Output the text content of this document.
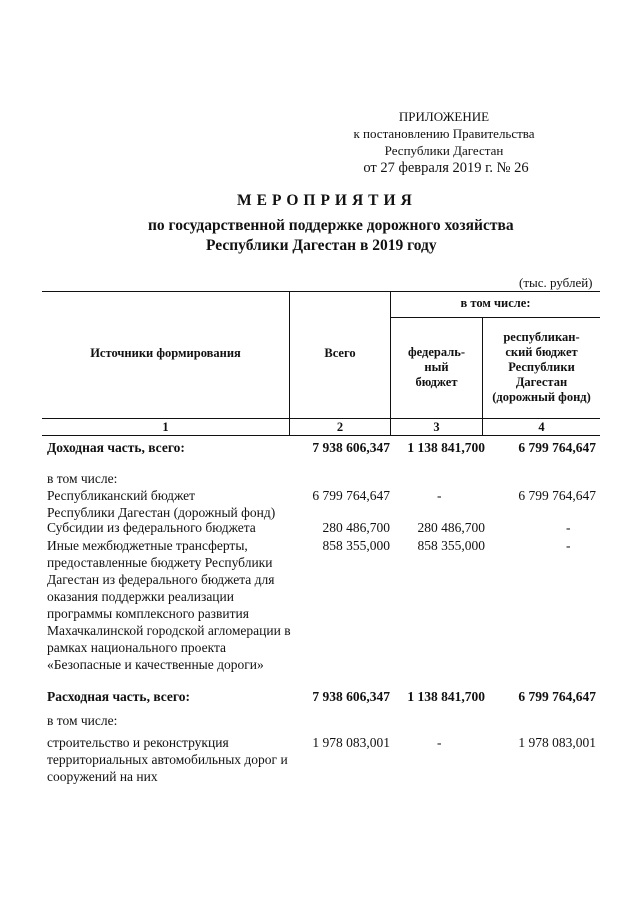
ПРИЛОЖЕНИЕ
к постановлению Правительства
Республики Дагестан
от 27 февраля 2019 г. № 26
МЕРОПРИЯТИЯ
по государственной поддержке дорожного хозяйства
Республики Дагестан в 2019 году
(тыс. рублей)
Источники формирования	Всего
в том числе:
федераль-
ный
бюджет
республикан-
ский бюджет
Республики
Дагестан
(дорожный фонд)
1	2	3	4
Доходная часть, всего:	7 938 606,347	1 138 841,700	6 799 764,647
в том числе:
Республиканский бюджет
Республики Дагестан (дорожный фонд)
6 799 764,647	-	6 799 764,647
Субсидии из федерального бюджета	280 486,700	280 486,700	-
Иные межбюджетные трансферты,
предоставленные бюджету Республики
Дагестан из федерального бюджета для
оказания поддержки реализации
программы комплексного развития
Махачкалинской городской агломерации в
рамках национального проекта
«Безопасные и качественные дороги»
858 355,000	858 355,000	-
Расходная часть, всего:	7 938 606,347	1 138 841,700	6 799 764,647
в том числе:
строительство и реконструкция
территориальных автомобильных дорог и
сооружений на них
1 978 083,001	-	1 978 083,001
